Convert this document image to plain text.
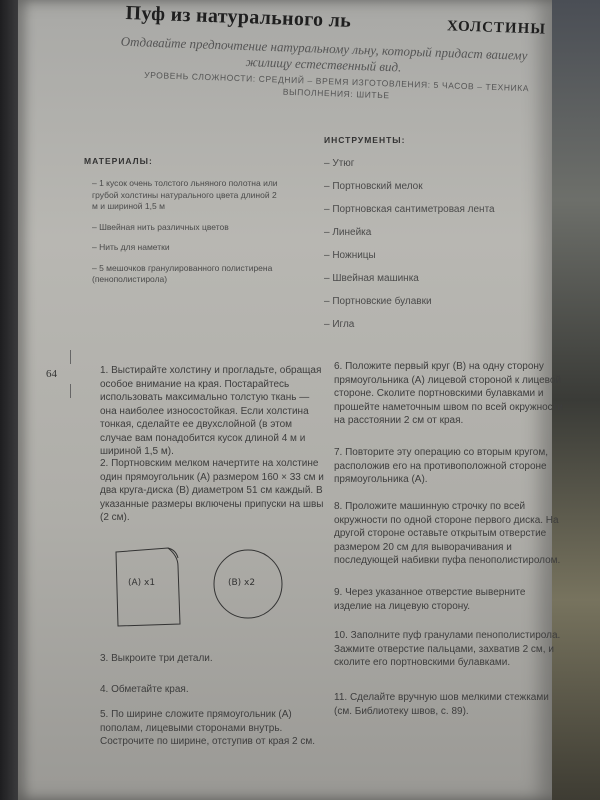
Пуф из натурального ль	ХОЛСТИНЫ
Отдавайте предпочтение натуральному льну, который придаст вашему жилищу естественный вид.
УРОВЕНЬ СЛОЖНОСТИ: СРЕДНИЙ – ВРЕМЯ ИЗГОТОВЛЕНИЯ: 5 ЧАСОВ – ТЕХНИКА ВЫПОЛНЕНИЯ: ШИТЬЕ
МАТЕРИАЛЫ:
– 1 кусок очень толстого льняного полотна или грубой холстины натурального цвета длиной 2 м и шириной 1,5 м
– Швейная нить различных цветов
– Нить для наметки
– 5 мешочков гранулированного полистирена (пенополистирола)
ИНСТРУМЕНТЫ:
– Утюг
– Портновский мелок
– Портновская сантиметровая лента
– Линейка
– Ножницы
– Швейная машинка
– Портновские булавки
– Игла
64	1. Выстирайте холстину и прогладьте, обращая особое внимание на края. Постарайтесь использовать максимально толстую ткань — она наиболее износостойкая. Если холстина тонкая, сделайте ее двухслойной (в этом случае вам понадобится кусок длиной 4 м и шириной 1,5 м).
2. Портновским мелком начертите на холстине один прямоугольник (A) размером 160 × 33 см и два круга-диска (B) диаметром 51 см каждый. В указанные размеры включены припуски на швы (2 см).
3. Выкроите три детали.
4. Обметайте края.
5. По ширине сложите прямоугольник (А) пополам, лицевыми сторонами внутрь. Сострочите по ширине, отступив от края 2 см.
(A) x1	(B) x2
6. Положите первый круг (B) на одну сторону прямоугольника (A) лицевой стороной к лицевой стороне. Сколите портновскими булавками и прошейте наметочным швом по всей окружности на расстоянии 2 см от края.
7. Повторите эту операцию со вторым кругом, расположив его на противоположной стороне прямоугольника (A).
8. Проложите машинную строчку по всей окружности по одной стороне первого диска. На другой стороне оставьте открытым отверстие размером 20 см для выворачивания и последующей набивки пуфа пенополистиролом.
9. Через указанное отверстие выверните изделие на лицевую сторону.
10. Заполните пуф гранулами пенополистирола. Зажмите отверстие пальцами, захватив 2 см, и сколите его портновскими булавками.
11. Сделайте вручную шов мелкими стежками (см. Библиотеку швов, с. 89).
